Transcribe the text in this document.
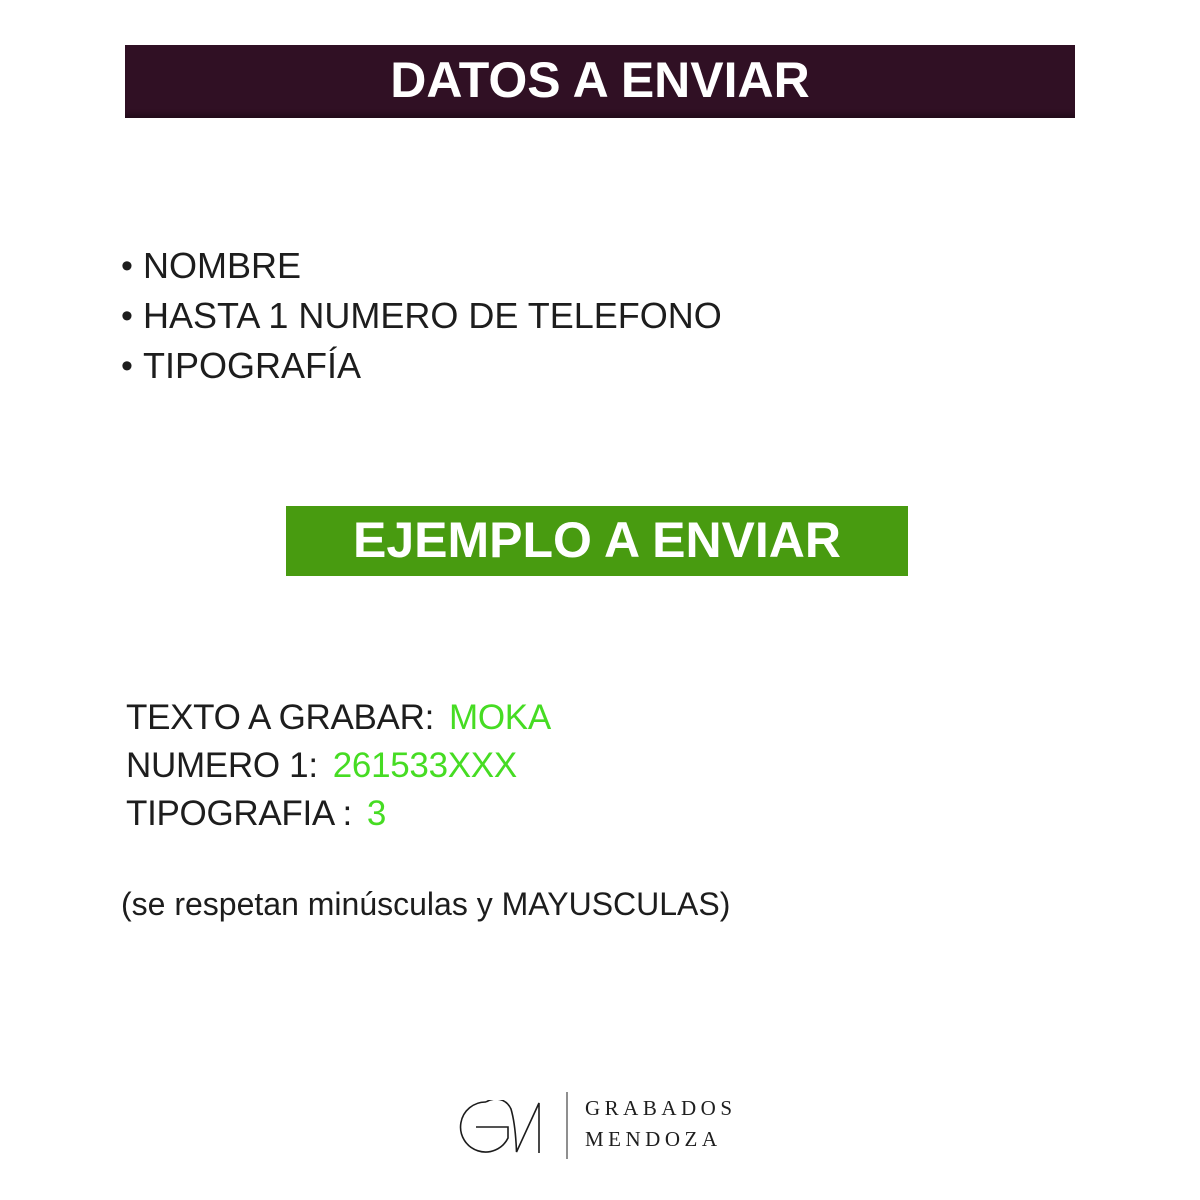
DATOS A ENVIAR
• NOMBRE
• HASTA 1 NUMERO DE TELEFONO
• TIPOGRAFÍA
EJEMPLO A ENVIAR
TEXTO A GRABAR: MOKA
NUMERO 1: 261533XXX
TIPOGRAFIA : 3
(se respetan minúsculas y MAYUSCULAS)
GRABADOS
MENDOZA
